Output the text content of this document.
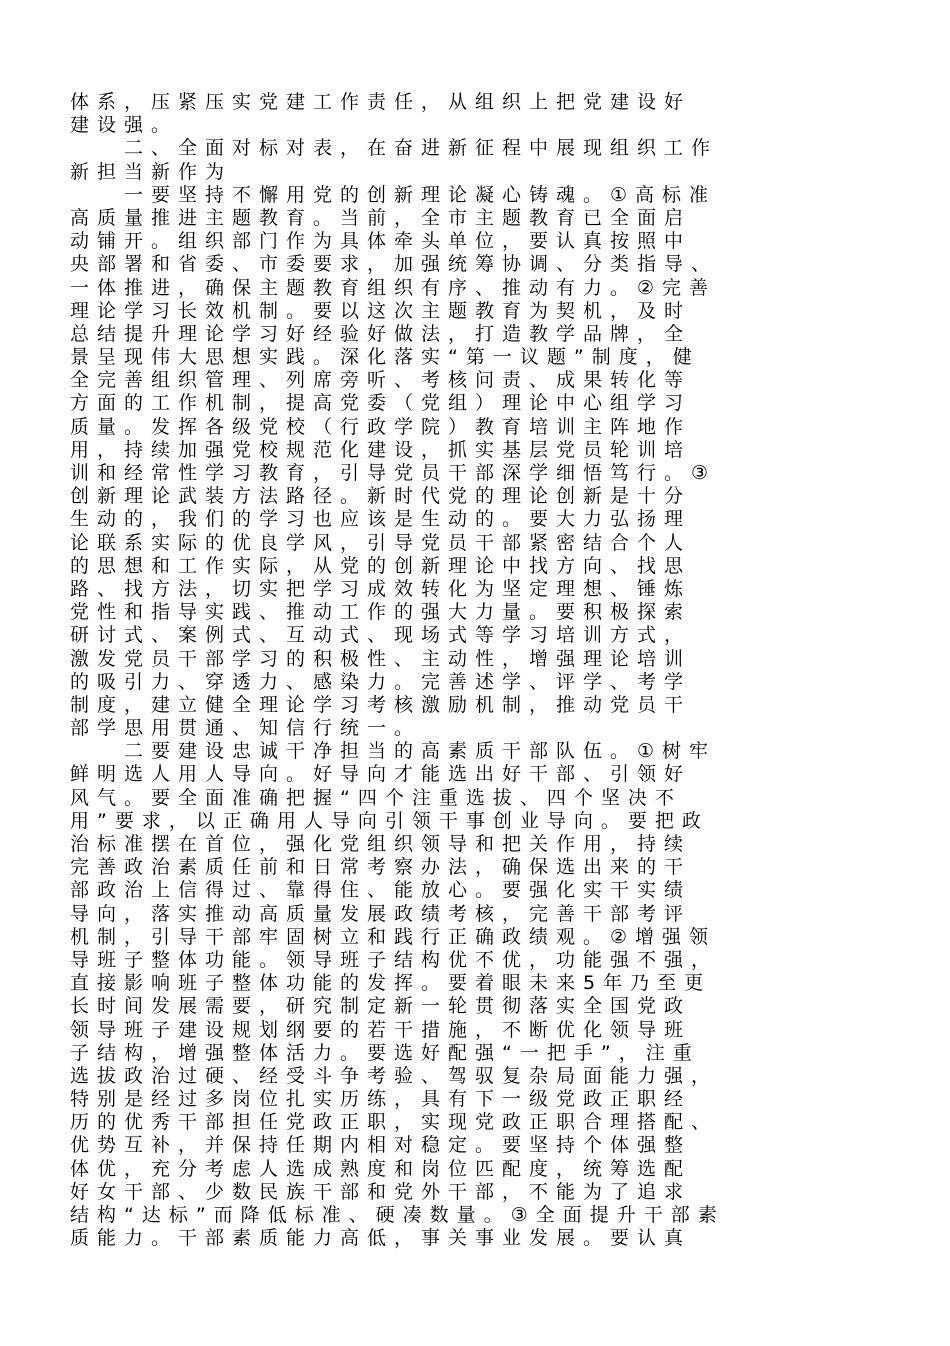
体系，压紧压实党建工作责任，从组织上把党建设好
建设强。
　　二、全面对标对表，在奋进新征程中展现组织工作
新担当新作为
　　一要坚持不懈用党的创新理论凝心铸魂。①高标准
高质量推进主题教育。当前，全市主题教育已全面启
动铺开。组织部门作为具体牵头单位，要认真按照中
央部署和省委、市委要求，加强统筹协调、分类指导、
一体推进，确保主题教育组织有序、推动有力。②完善
理论学习长效机制。要以这次主题教育为契机，及时
总结提升理论学习好经验好做法，打造教学品牌，全
景呈现伟大思想实践。深化落实“第一议题”制度，健
全完善组织管理、列席旁听、考核问责、成果转化等
方面的工作机制，提高党委（党组）理论中心组学习
质量。发挥各级党校（行政学院）教育培训主阵地作
用，持续加强党校规范化建设，抓实基层党员轮训培
训和经常性学习教育，引导党员干部深学细悟笃行。③
创新理论武装方法路径。新时代党的理论创新是十分
生动的，我们的学习也应该是生动的。要大力弘扬理
论联系实际的优良学风，引导党员干部紧密结合个人
的思想和工作实际，从党的创新理论中找方向、找思
路、找方法，切实把学习成效转化为坚定理想、锤炼
党性和指导实践、推动工作的强大力量。要积极探索
研讨式、案例式、互动式、现场式等学习培训方式，
激发党员干部学习的积极性、主动性，增强理论培训
的吸引力、穿透力、感染力。完善述学、评学、考学
制度，建立健全理论学习考核激励机制，推动党员干
部学思用贯通、知信行统一。
　　二要建设忠诚干净担当的高素质干部队伍。①树牢
鲜明选人用人导向。好导向才能选出好干部、引领好
风气。要全面准确把握“四个注重选拔、四个坚决不
用”要求，以正确用人导向引领干事创业导向。要把政
治标准摆在首位，强化党组织领导和把关作用，持续
完善政治素质任前和日常考察办法，确保选出来的干
部政治上信得过、靠得住、能放心。要强化实干实绩
导向，落实推动高质量发展政绩考核，完善干部考评
机制，引导干部牢固树立和践行正确政绩观。②增强领
导班子整体功能。领导班子结构优不优，功能强不强，
直接影响班子整体功能的发挥。要着眼未来5年乃至更
长时间发展需要，研究制定新一轮贯彻落实全国党政
领导班子建设规划纲要的若干措施，不断优化领导班
子结构，增强整体活力。要选好配强“一把手”，注重
选拔政治过硬、经受斗争考验、驾驭复杂局面能力强，
特别是经过多岗位扎实历练，具有下一级党政正职经
历的优秀干部担任党政正职，实现党政正职合理搭配、
优势互补，并保持任期内相对稳定。要坚持个体强整
体优，充分考虑人选成熟度和岗位匹配度，统筹选配
好女干部、少数民族干部和党外干部，不能为了追求
结构“达标”而降低标准、硬凑数量。③全面提升干部素
质能力。干部素质能力高低，事关事业发展。要认真
